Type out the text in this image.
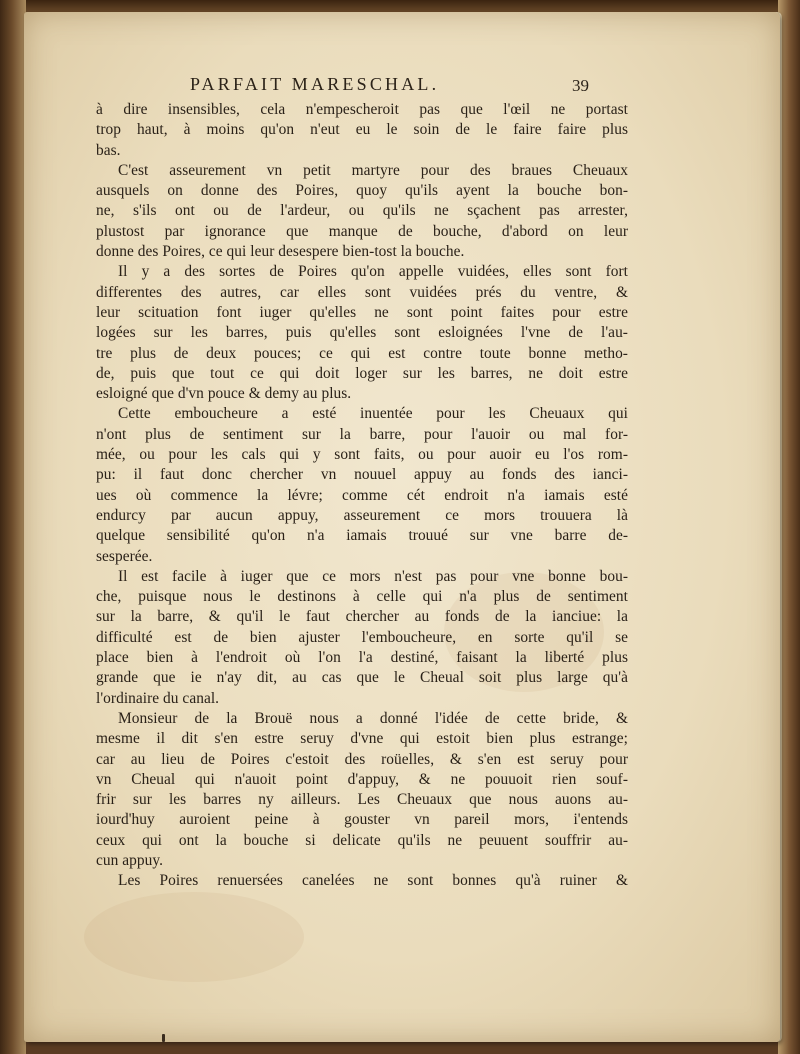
PARFAIT MARESCHAL.	39
à dire insensibles, cela n'empescheroit pas que l'œil ne portast
trop haut, à moins qu'on n'eut eu le soin de le faire faire plus
bas.
C'est asseurement vn petit martyre pour des braues Cheuaux
ausquels on donne des Poires, quoy qu'ils ayent la bouche bon-
ne, s'ils ont ou de l'ardeur, ou qu'ils ne sçachent pas arrester,
plustost par ignorance que manque de bouche, d'abord on leur
donne des Poires, ce qui leur desespere bien-tost la bouche.
Il y a des sortes de Poires qu'on appelle vuidées, elles sont fort
differentes des autres, car elles sont vuidées prés du ventre, &
leur scituation font iuger qu'elles ne sont point faites pour estre
logées sur les barres, puis qu'elles sont esloignées l'vne de l'au-
tre plus de deux pouces; ce qui est contre toute bonne metho-
de, puis que tout ce qui doit loger sur les barres, ne doit estre
esloigné que d'vn pouce & demy au plus.
Cette embouchеure a esté inuentée pour les Cheuaux qui
n'ont plus de sentiment sur la barre, pour l'auoir ou mal for-
mée, ou pour les cals qui y sont faits, ou pour auoir eu l'os rom-
pu: il faut donc chercher vn nouuel appuy au fonds des ianci-
ues où commence la lévre; comme cét endroit n'a iamais esté
endurcy par aucun appuy, asseurement ce mors trouuera là
quelque sensibilité qu'on n'a iamais trouué sur vne barre de-
sesperée.
Il est facile à iuger que ce mors n'est pas pour vne bonne bou-
che, puisque nous le destinons à celle qui n'a plus de sentiment
sur la barre, & qu'il le faut chercher au fonds de la ianciue: la
difficulté est de bien ajuster l'embouchеure, en sorte qu'il se
place bien à l'endroit où l'on l'a destiné, faisant la liberté plus
grande que ie n'ay dit, au cas que le Cheual soit plus large qu'à
l'ordinaire du canal.
Monsieur de la Brouë nous a donné l'idée de cette bride, &
mesme il dit s'en estre seruy d'vne qui estoit bien plus estrange;
car au lieu de Poires c'estoit des roüelles, & s'en est seruy pour
vn Cheual qui n'auoit point d'appuy, & ne pouuoit rien souf-
frir sur les barres ny ailleurs. Les Cheuaux que nous auons au-
iourd'huy auroient peine à gouster vn pareil mors, i'entends
ceux qui ont la bouche si delicate qu'ils ne peuuent souffrir au-
cun appuy.
Les Poires renuersées canelées ne sont bonnes qu'à ruiner &
